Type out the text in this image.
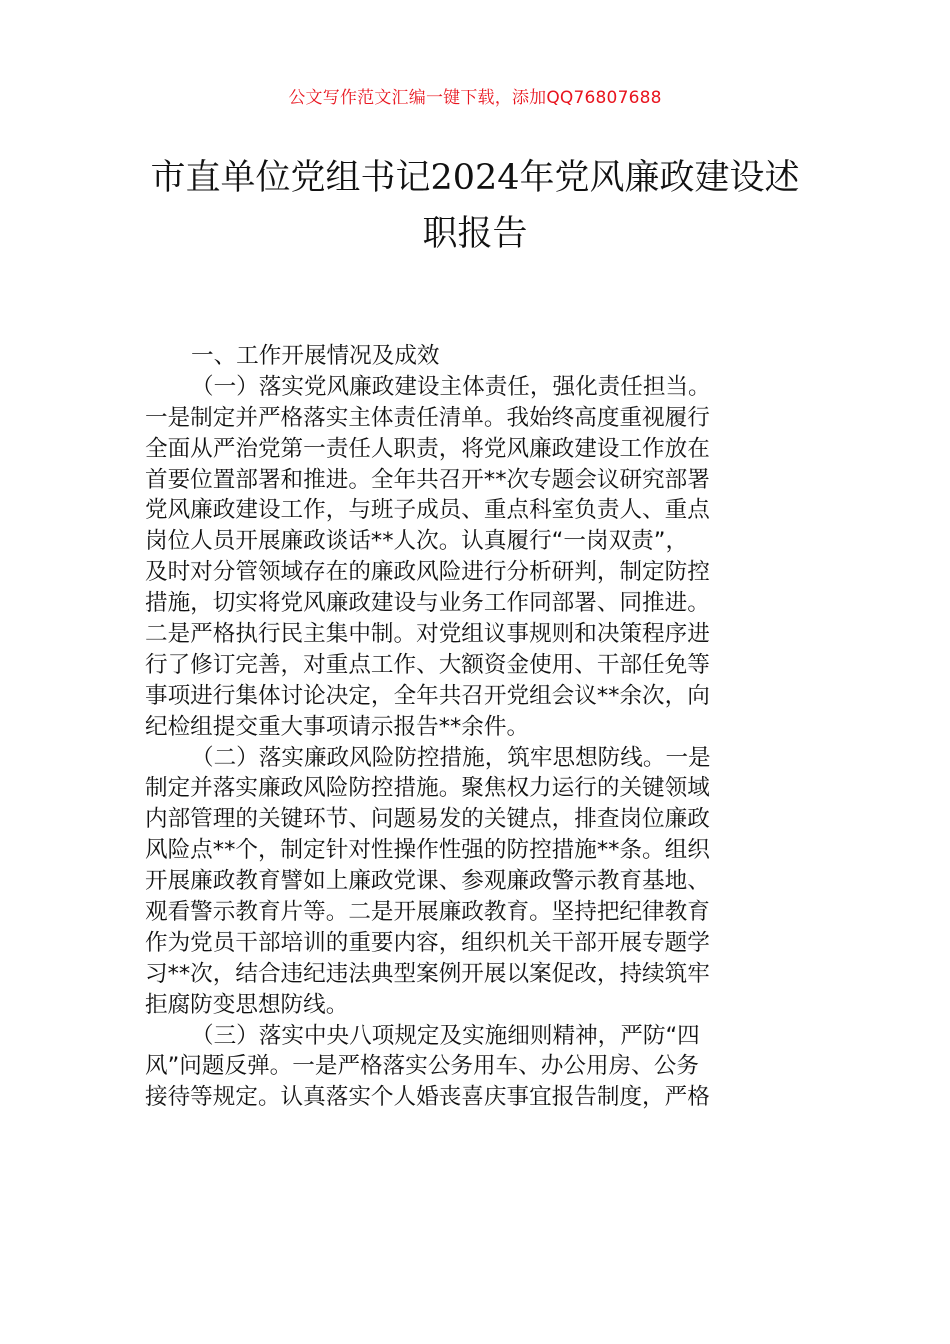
公文写作范文汇编一键下载，添加QQ76807688
市直单位党组书记2024年党风廉政建设述
职报告
一、工作开展情况及成效
（一）落实党风廉政建设主体责任，强化责任担当。
一是制定并严格落实主体责任清单。我始终高度重视履行
全面从严治党第一责任人职责，将党风廉政建设工作放在
首要位置部署和推进。全年共召开**次专题会议研究部署
党风廉政建设工作，与班子成员、重点科室负责人、重点
岗位人员开展廉政谈话**人次。认真履行“一岗双责”，
及时对分管领域存在的廉政风险进行分析研判，制定防控
措施，切实将党风廉政建设与业务工作同部署、同推进。
二是严格执行民主集中制。对党组议事规则和决策程序进
行了修订完善，对重点工作、大额资金使用、干部任免等
事项进行集体讨论决定，全年共召开党组会议**余次，向
纪检组提交重大事项请示报告**余件。
（二）落实廉政风险防控措施，筑牢思想防线。一是
制定并落实廉政风险防控措施。聚焦权力运行的关键领域
内部管理的关键环节、问题易发的关键点，排查岗位廉政
风险点**个，制定针对性操作性强的防控措施**条。组织
开展廉政教育譬如上廉政党课、参观廉政警示教育基地、
观看警示教育片等。二是开展廉政教育。坚持把纪律教育
作为党员干部培训的重要内容，组织机关干部开展专题学
习**次，结合违纪违法典型案例开展以案促改，持续筑牢
拒腐防变思想防线。
（三）落实中央八项规定及实施细则精神，严防“四
风”问题反弹。一是严格落实公务用车、办公用房、公务
接待等规定。认真落实个人婚丧喜庆事宜报告制度，严格
